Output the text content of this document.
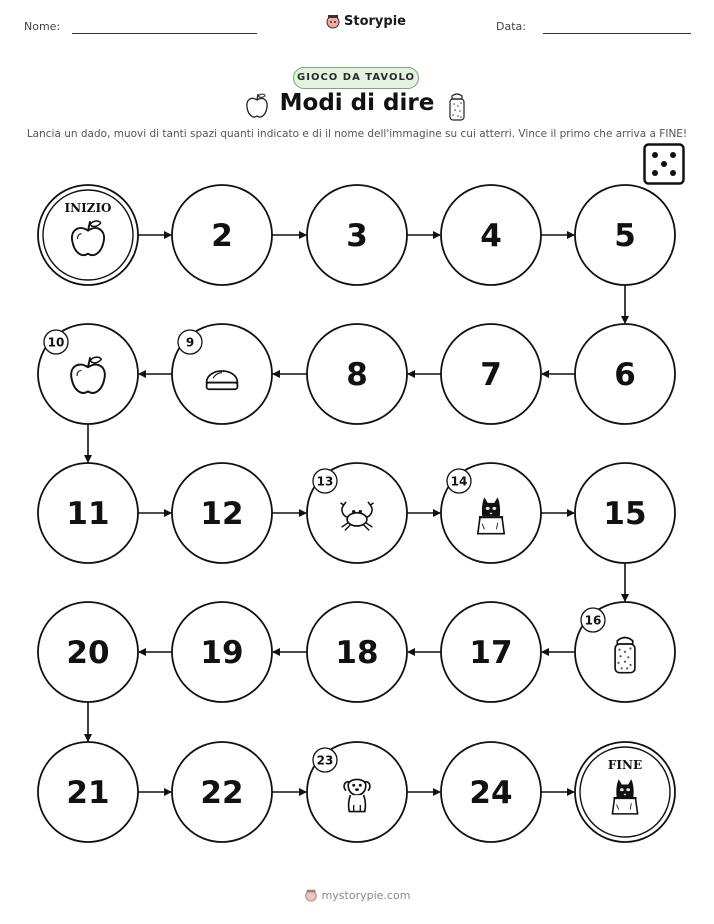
Nome:	Storypie	Data:
GIOCO DA TAVOLO
Modi di dire
Lancia un dado, muovi di tanti spazi quanti indicato e di il nome dell'immagine su cui atterri. Vince il primo che arriva a FINE!
INIZIO
2	3	4	5
6
7
8
9
10
11	12
13	14
15
16
17
18
19
20
21	22
23
24
FINE
mystorypie.com
